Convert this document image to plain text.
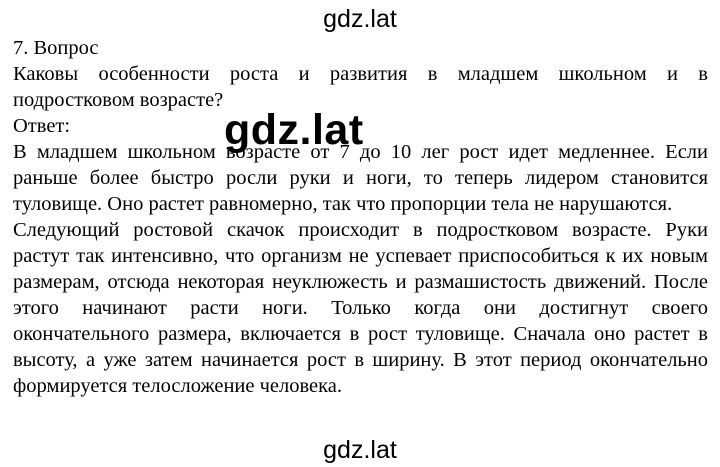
gdz.lat
7. Вопрос
Каковы особенности роста и развития в младшем школьном и в
подростковом возрасте?
Ответ:
В младшем школьном возрасте от 7 до 10 лег рост идет медленнее. Если
раньше более быстро росли руки и ноги, то теперь лидером становится
туловище. Оно растет равномерно, так что пропорции тела не нарушаются.
Следующий ростовой скачок происходит в подростковом возрасте. Руки
растут так интенсивно, что организм не успевает приспособиться к их новым
размерам, отсюда некоторая неуклюжесть и размашистость движений. После
этого начинают расти ноги. Только когда они достигнут своего
окончательного размера, включается в рост туловище. Сначала оно растет в
высоту, а уже затем начинается рост в ширину. В этот период окончательно
формируется телосложение человека.
gdz.lat
gdz.lat
